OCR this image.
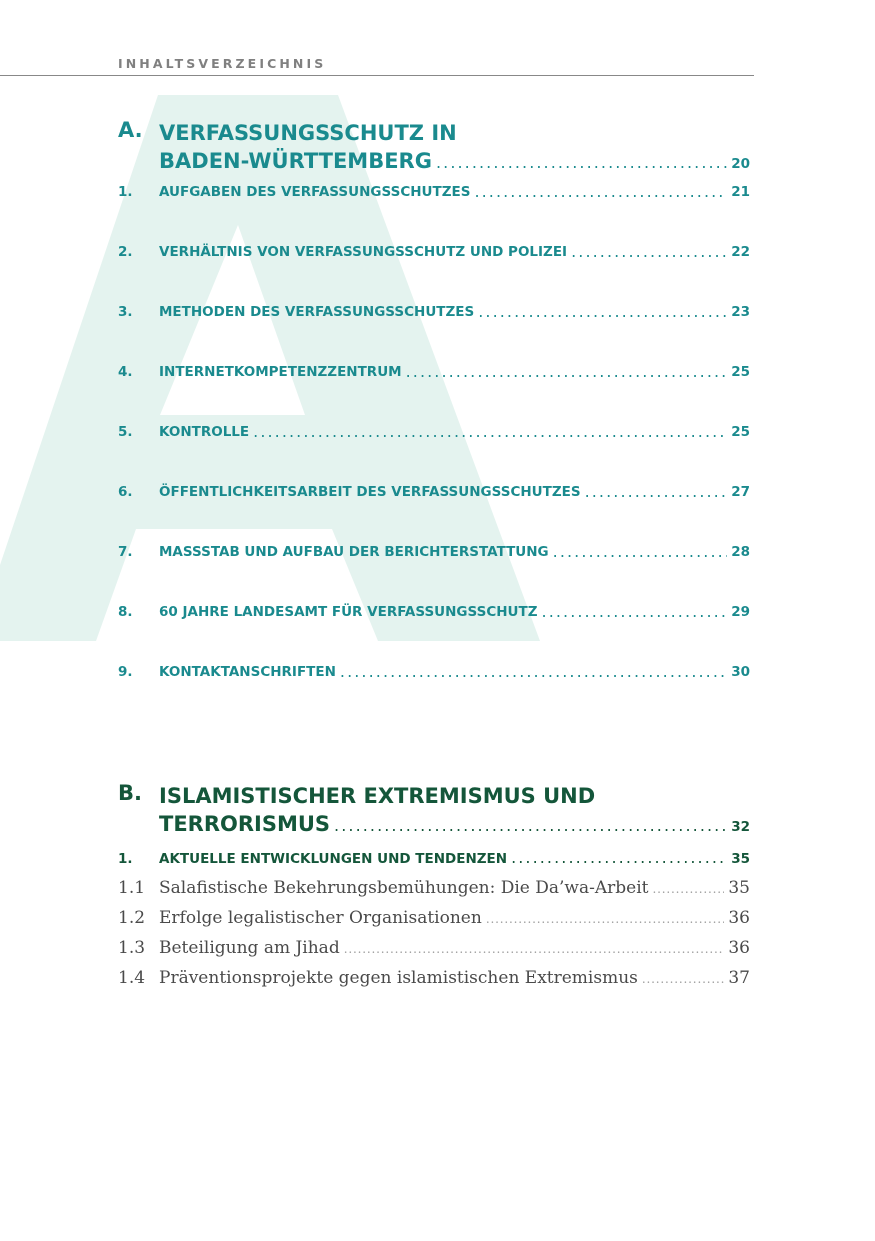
INHALTSVERZEICHNIS
A. VERFASSUNGSSCHUTZ IN
BADEN-WÜRTTEMBERG . . .	20
1.	AUFGABEN DES VERFASSUNGSSCHUTZES . . .	21
2.	VERHÄLTNIS VON VERFASSUNGSSCHUTZ UND POLIZEI . . .	22
3.	METHODEN DES VERFASSUNGSSCHUTZES . . .	23
4.	INTERNETKOMPETENZZENTRUM . . .	25
5.	KONTROLLE . . .	25
6.	ÖFFENTLICHKEITSARBEIT DES VERFASSUNGSSCHUTZES . . .	27
7.	MASSSTAB UND AUFBAU DER BERICHTERSTATTUNG . . .	28
8.	60 JAHRE LANDESAMT FÜR VERFASSUNGSSCHUTZ . . .	29
9.	KONTAKTANSCHRIFTEN . . .	30
B. ISLAMISTISCHER EXTREMISMUS UND
TERRORISMUS . . .	32
1.	AKTUELLE ENTWICKLUNGEN UND TENDENZEN . . .	35
1.1 Salafistische Bekehrungsbemühungen: Die Da’wa-Arbeit . . .	35
1.2 Erfolge legalistischer Organisationen . . .	36
1.3 Beteiligung am Jihad . . .	36
1.4 Präventionsprojekte gegen islamistischen Extremismus . . .	37
